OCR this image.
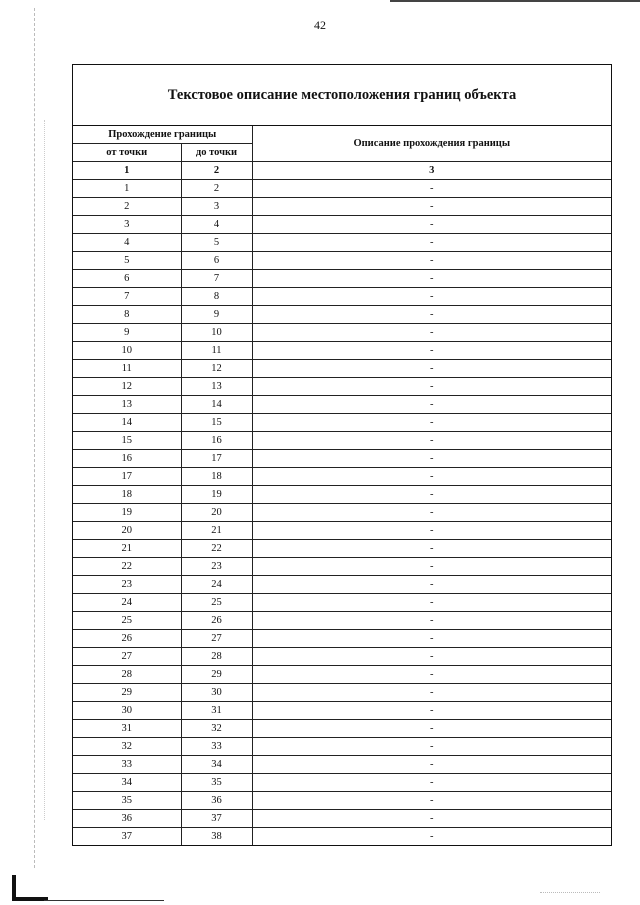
42
Текстовое описание местоположения границ объекта
Прохождение границы		Описание прохождения границы
от точки	до точки	
1	2	3
1	2	-
2	3	-
3	4	-
4	5	-
5	6	-
6	7	-
7	8	-
8	9	-
9	10	-
10	11	-
11	12	-
12	13	-
13	14	-
14	15	-
15	16	-
16	17	-
17	18	-
18	19	-
19	20	-
20	21	-
21	22	-
22	23	-
23	24	-
24	25	-
25	26	-
26	27	-
27	28	-
28	29	-
29	30	-
30	31	-
31	32	-
32	33	-
33	34	-
34	35	-
35	36	-
36	37	-
37	38	-
